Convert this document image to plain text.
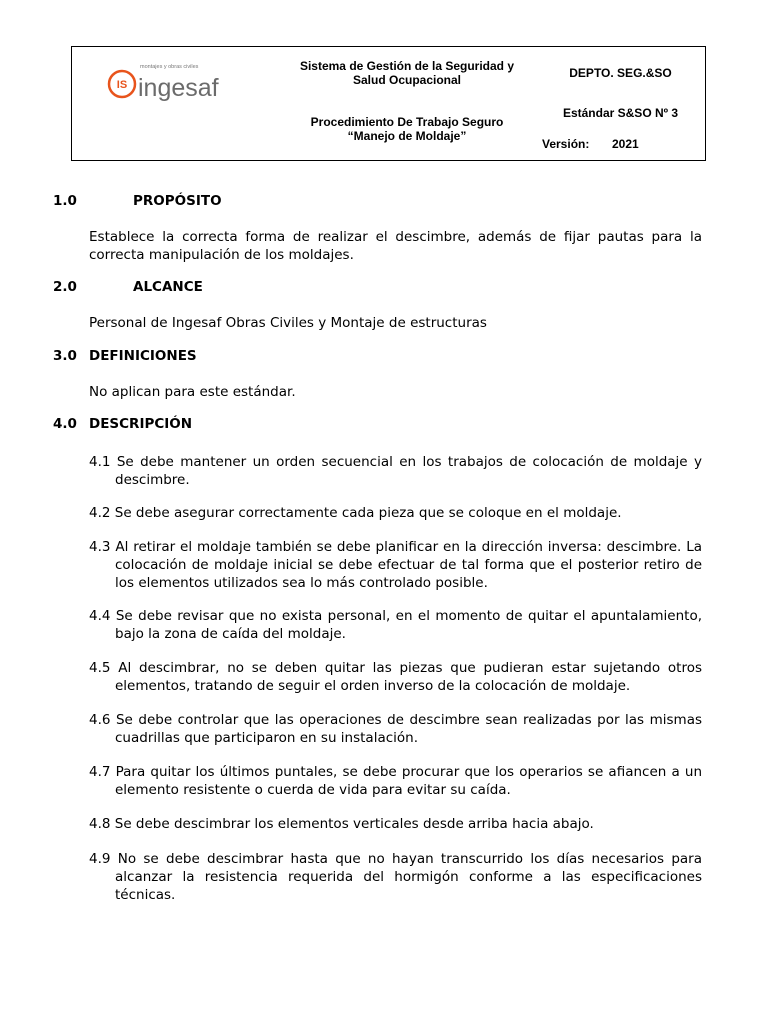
IS
montajes y obras civiles
ingesaf
Sistema de Gestión de la Seguridad y
Salud Ocupacional
Procedimiento De Trabajo Seguro
“Manejo de Moldaje”
DEPTO. SEG.&SO
Estándar S&SO Nº 3
Versión:	2021
1.0	PROPÓSITO
Establece la correcta forma de realizar el descimbre, además de fijar pautas para la correcta manipulación de los moldajes.
2.0	ALCANCE
Personal de Ingesaf Obras Civiles y Montaje de estructuras
3.0 DEFINICIONES
No aplican para este estándar.
4.0 DESCRIPCIÓN
4.1 Se debe mantener un orden secuencial en los trabajos de colocación de moldaje y descimbre.
4.2 Se debe asegurar correctamente cada pieza que se coloque en el moldaje.
4.3 Al retirar el moldaje también se debe planificar en la dirección inversa: descimbre. La colocación de moldaje inicial se debe efectuar de tal forma que el posterior retiro de los elementos utilizados sea lo más controlado posible.
4.4 Se debe revisar que no exista personal, en el momento de quitar el apuntalamiento, bajo la zona de caída del moldaje.
4.5 Al descimbrar, no se deben quitar las piezas que pudieran estar sujetando otros elementos, tratando de seguir el orden inverso de la colocación de moldaje.
4.6 Se debe controlar que las operaciones de descimbre sean realizadas por las mismas cuadrillas que participaron en su instalación.
4.7 Para quitar los últimos puntales, se debe procurar que los operarios se afiancen a un elemento resistente o cuerda de vida para evitar su caída.
4.8 Se debe descimbrar los elementos verticales desde arriba hacia abajo.
4.9 No se debe descimbrar hasta que no hayan transcurrido los días necesarios para alcanzar la resistencia requerida del hormigón conforme a las especificaciones técnicas.
